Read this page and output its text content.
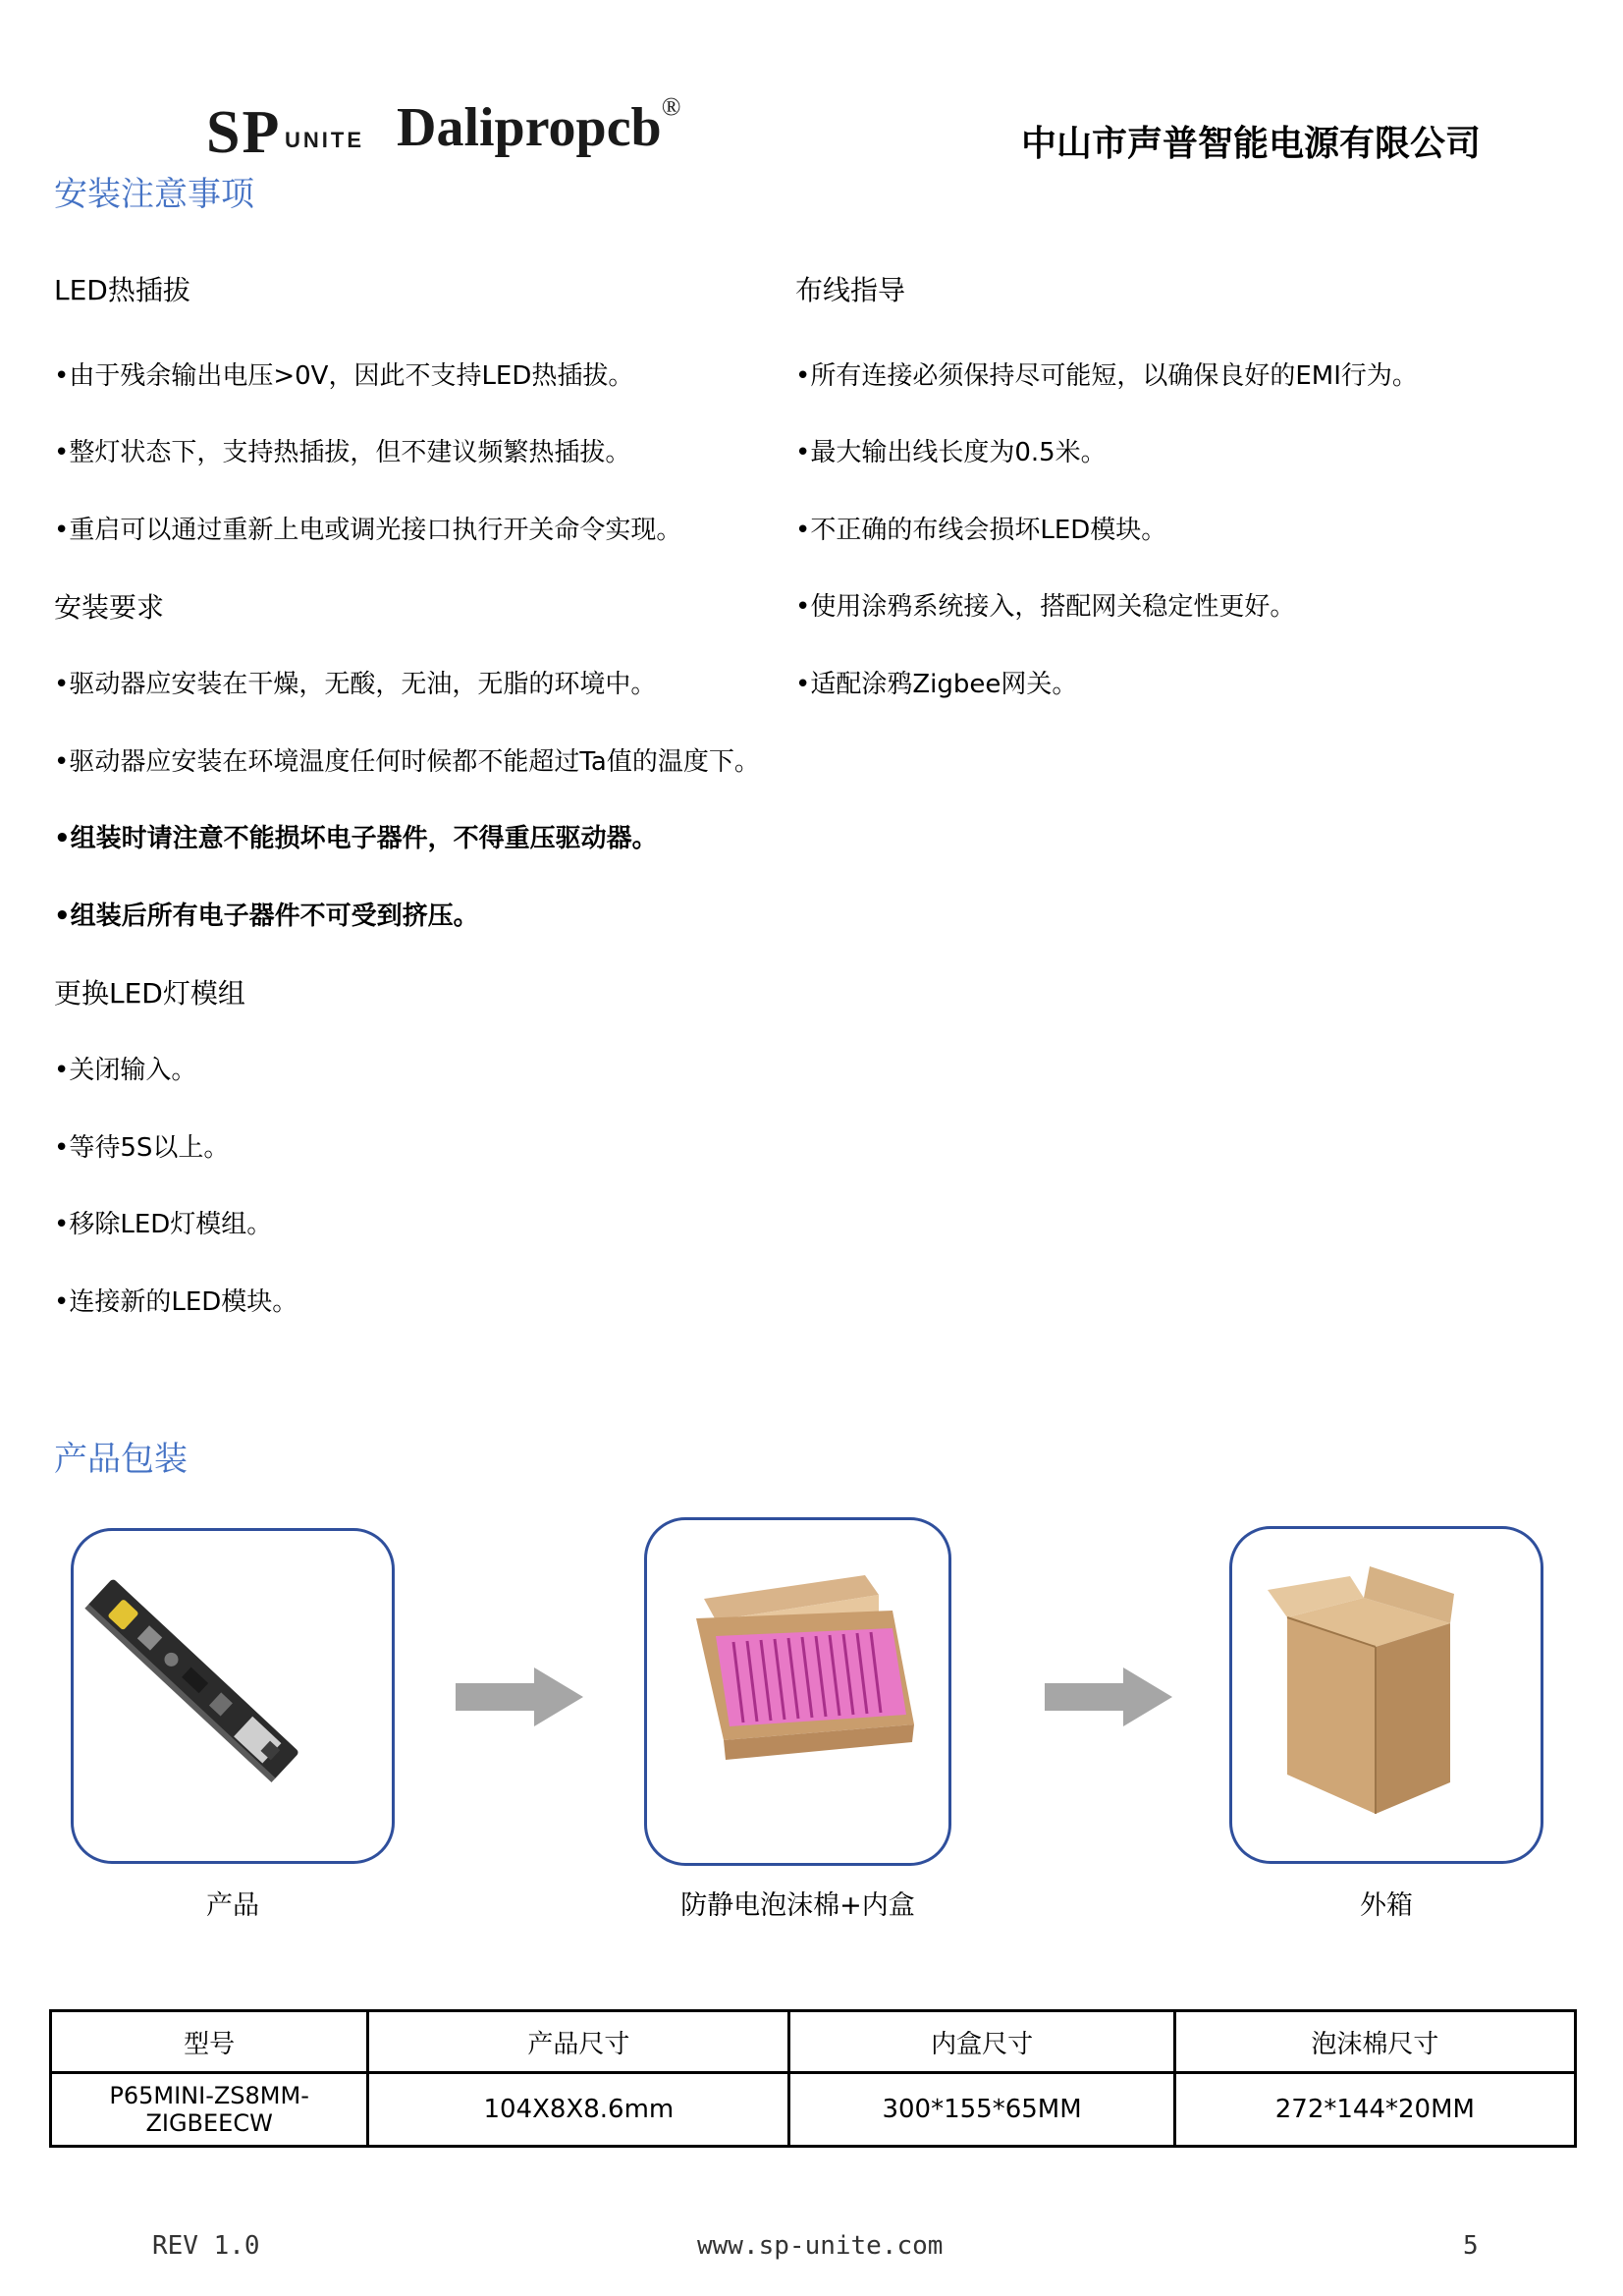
SP UNITE Dalipropcb®
中山市声普智能电源有限公司
安装注意事项
LED热插拔
•由于残余输出电压>0V，因此不支持LED热插拔。
•整灯状态下，支持热插拔，但不建议频繁热插拔。
•重启可以通过重新上电或调光接口执行开关命令实现。
安装要求
•驱动器应安装在干燥，无酸，无油，无脂的环境中。
•驱动器应安装在环境温度任何时候都不能超过Ta值的温度下。
•组装时请注意不能损坏电子器件，不得重压驱动器。
•组装后所有电子器件不可受到挤压。
更换LED灯模组
•关闭输入。
•等待5S以上。
•移除LED灯模组。
•连接新的LED模块。
布线指导
•所有连接必须保持尽可能短，以确保良好的EMI行为。
•最大输出线长度为0.5米。
•不正确的布线会损坏LED模块。
•使用涂鸦系统接入，搭配网关稳定性更好。
•适配涂鸦Zigbee网关。
产品包装
产品	防静电泡沫棉+内盒	外箱
型号	产品尺寸	内盒尺寸	泡沫棉尺寸
P65MINI-ZS8MM-ZIGBEECW	104X8X8.6mm	300*155*65MM	272*144*20MM
REV 1.0	www.sp-unite.com	5
